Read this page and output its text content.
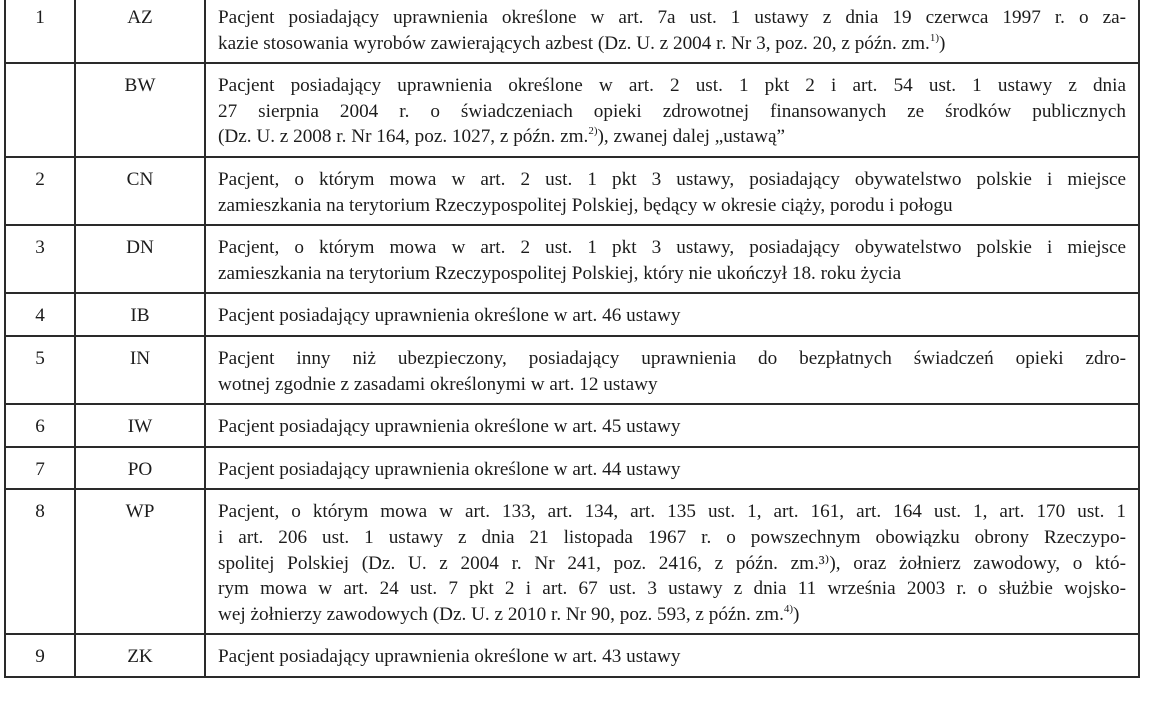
1	AZ	Pacjent posiadający uprawnienia określone w art. 7a ust. 1 ustawy z dnia 19 czerwca 1997 r. o za-
kazie stosowania wyrobów zawierających azbest (Dz. U. z 2004 r. Nr 3, poz. 20, z późn. zm.$^{1)}$)

	BW	Pacjent posiadający uprawnienia określone w art. 2 ust. 1 pkt 2 i art. 54 ust. 1 ustawy z dnia
27 sierpnia 2004 r. o świadczeniach opieki zdrowotnej finansowanych ze środków publicznych
(Dz. U. z 2008 r. Nr 164, poz. 1027, z późn. zm.$^{2)}$), zwanej dalej „ustawą”

2	CN	Pacjent, o którym mowa w art. 2 ust. 1 pkt 3 ustawy, posiadający obywatelstwo polskie i miejsce
zamieszkania na terytorium Rzeczypospolitej Polskiej, będący w okresie ciąży, porodu i połogu

3	DN	Pacjent, o którym mowa w art. 2 ust. 1 pkt 3 ustawy, posiadający obywatelstwo polskie i miejsce
zamieszkania na terytorium Rzeczypospolitej Polskiej, który nie ukończył 18. roku życia

4	IB	Pacjent posiadający uprawnienia określone w art. 46 ustawy

5	IN	Pacjent inny niż ubezpieczony, posiadający uprawnienia do bezpłatnych świadczeń opieki zdro-
wotnej zgodnie z zasadami określonymi w art. 12 ustawy

6	IW	Pacjent posiadający uprawnienia określone w art. 45 ustawy

7	PO	Pacjent posiadający uprawnienia określone w art. 44 ustawy

8	WP	Pacjent, o którym mowa w art. 133, art. 134, art. 135 ust. 1, art. 161, art. 164 ust. 1, art. 170 ust. 1
i art. 206 ust. 1 ustawy z dnia 21 listopada 1967 r. o powszechnym obowiązku obrony Rzeczypo-
spolitej Polskiej (Dz. U. z 2004 r. Nr 241, poz. 2416, z późn. zm.³⁾), oraz żołnierz zawodowy, o któ-
rym mowa w art. 24 ust. 7 pkt 2 i art. 67 ust. 3 ustawy z dnia 11 września 2003 r. o służbie wojsko-
wej żołnierzy zawodowych (Dz. U. z 2010 r. Nr 90, poz. 593, z późn. zm.$^{4)}$)

9	ZK	Pacjent posiadający uprawnienia określone w art. 43 ustawy
